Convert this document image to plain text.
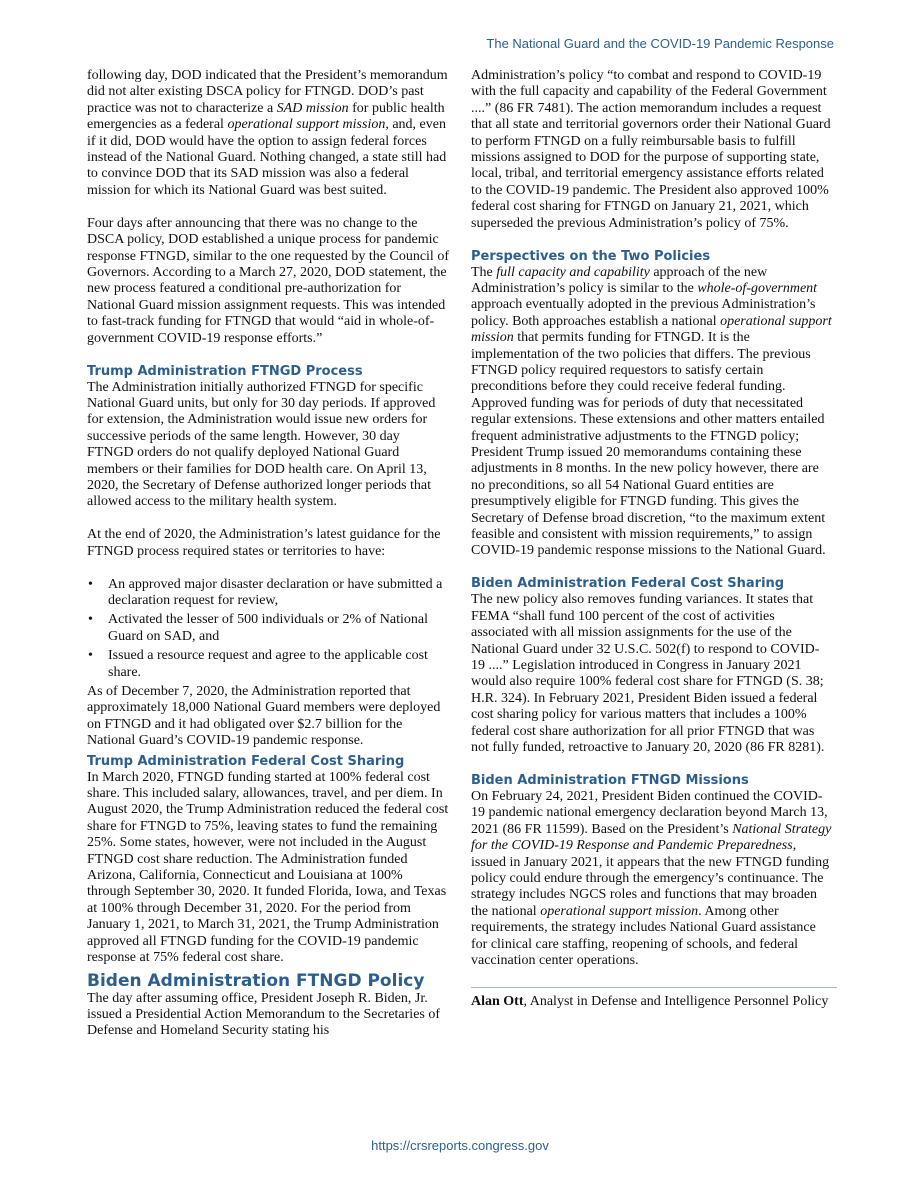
The National Guard and the COVID-19 Pandemic Response

following day, DOD indicated that the President’s memorandum did not alter existing DSCA policy for FTNGD. DOD’s past practice was not to characterize a SAD mission for public health emergencies as a federal operational support mission, and, even if it did, DOD would have the option to assign federal forces instead of the National Guard. Nothing changed, a state still had to convince DOD that its SAD mission was also a federal mission for which its National Guard was best suited.

Four days after announcing that there was no change to the DSCA policy, DOD established a unique process for pandemic response FTNGD, similar to the one requested by the Council of Governors. According to a March 27, 2020, DOD statement, the new process featured a conditional pre-authorization for National Guard mission assignment requests. This was intended to fast-track funding for FTNGD that would “aid in whole-of-government COVID-19 response efforts.”

Trump Administration FTNGD Process

The Administration initially authorized FTNGD for specific National Guard units, but only for 30 day periods. If approved for extension, the Administration would issue new orders for successive periods of the same length. However, 30 day FTNGD orders do not qualify deployed National Guard members or their families for DOD health care. On April 13, 2020, the Secretary of Defense authorized longer periods that allowed access to the military health system.

At the end of 2020, the Administration’s latest guidance for the FTNGD process required states or territories to have:

• An approved major disaster declaration or have submitted a declaration request for review,
• Activated the lesser of 500 individuals or 2% of National Guard on SAD, and
• Issued a resource request and agree to the applicable cost share.

As of December 7, 2020, the Administration reported that approximately 18,000 National Guard members were deployed on FTNGD and it had obligated over $2.7 billion for the National Guard’s COVID-19 pandemic response.

Trump Administration Federal Cost Sharing

In March 2020, FTNGD funding started at 100% federal cost share. This included salary, allowances, travel, and per diem. In August 2020, the Trump Administration reduced the federal cost share for FTNGD to 75%, leaving states to fund the remaining 25%. Some states, however, were not included in the August FTNGD cost share reduction. The Administration funded Arizona, California, Connecticut and Louisiana at 100% through September 30, 2020. It funded Florida, Iowa, and Texas at 100% through December 31, 2020. For the period from January 1, 2021, to March 31, 2021, the Trump Administration approved all FTNGD funding for the COVID-19 pandemic response at 75% federal cost share.

Biden Administration FTNGD Policy

The day after assuming office, President Joseph R. Biden, Jr. issued a Presidential Action Memorandum to the Secretaries of Defense and Homeland Security stating his

Administration’s policy “to combat and respond to COVID-19 with the full capacity and capability of the Federal Government ....” (86 FR 7481). The action memorandum includes a request that all state and territorial governors order their National Guard to perform FTNGD on a fully reimbursable basis to fulfill missions assigned to DOD for the purpose of supporting state, local, tribal, and territorial emergency assistance efforts related to the COVID-19 pandemic. The President also approved 100% federal cost sharing for FTNGD on January 21, 2021, which superseded the previous Administration’s policy of 75%.

Perspectives on the Two Policies

The full capacity and capability approach of the new Administration’s policy is similar to the whole-of-government approach eventually adopted in the previous Administration’s policy. Both approaches establish a national operational support mission that permits funding for FTNGD. It is the implementation of the two policies that differs. The previous FTNGD policy required requestors to satisfy certain preconditions before they could receive federal funding. Approved funding was for periods of duty that necessitated regular extensions. These extensions and other matters entailed frequent administrative adjustments to the FTNGD policy; President Trump issued 20 memorandums containing these adjustments in 8 months. In the new policy however, there are no preconditions, so all 54 National Guard entities are presumptively eligible for FTNGD funding. This gives the Secretary of Defense broad discretion, “to the maximum extent feasible and consistent with mission requirements,” to assign COVID-19 pandemic response missions to the National Guard.

Biden Administration Federal Cost Sharing

The new policy also removes funding variances. It states that FEMA “shall fund 100 percent of the cost of activities associated with all mission assignments for the use of the National Guard under 32 U.S.C. 502(f) to respond to COVID-19 ....” Legislation introduced in Congress in January 2021 would also require 100% federal cost share for FTNGD (S. 38; H.R. 324). In February 2021, President Biden issued a federal cost sharing policy for various matters that includes a 100% federal cost share authorization for all prior FTNGD that was not fully funded, retroactive to January 20, 2020 (86 FR 8281).

Biden Administration FTNGD Missions

On February 24, 2021, President Biden continued the COVID-19 pandemic national emergency declaration beyond March 13, 2021 (86 FR 11599). Based on the President’s National Strategy for the COVID-19 Response and Pandemic Preparedness, issued in January 2021, it appears that the new FTNGD funding policy could endure through the emergency’s continuance. The strategy includes NGCS roles and functions that may broaden the national operational support mission. Among other requirements, the strategy includes National Guard assistance for clinical care staffing, reopening of schools, and federal vaccination center operations.

Alan Ott, Analyst in Defense and Intelligence Personnel Policy

https://crsreports.congress.gov
